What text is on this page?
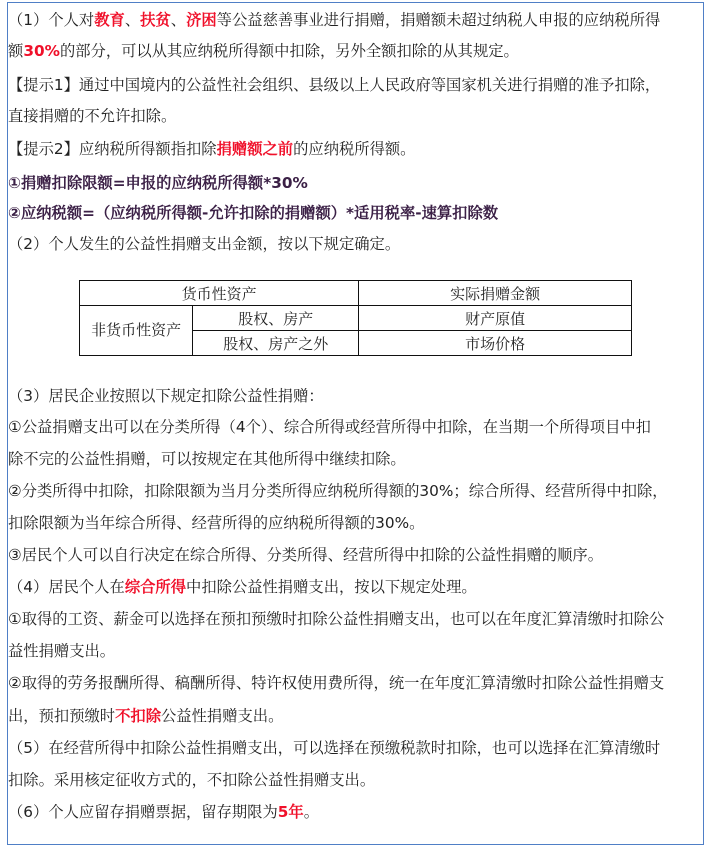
（1）个人对教育、扶贫、济困等公益慈善事业进行捐赠，捐赠额未超过纳税人申报的应纳税所得
额30%的部分，可以从其应纳税所得额中扣除，另外全额扣除的从其规定。
【提示1】通过中国境内的公益性社会组织、县级以上人民政府等国家机关进行捐赠的准予扣除，
直接捐赠的不允许扣除。
【提示2】应纳税所得额指扣除捐赠额之前的应纳税所得额。
①捐赠扣除限额=申报的应纳税所得额*30%
②应纳税额=（应纳税所得额-允许扣除的捐赠额）*适用税率-速算扣除数
（2）个人发生的公益性捐赠支出金额，按以下规定确定。
（3）居民企业按照以下规定扣除公益性捐赠：
①公益捐赠支出可以在分类所得（4个）、综合所得或经营所得中扣除，在当期一个所得项目中扣
除不完的公益性捐赠，可以按规定在其他所得中继续扣除。
②分类所得中扣除，扣除限额为当月分类所得应纳税所得额的30%；综合所得、经营所得中扣除，
扣除限额为当年综合所得、经营所得的应纳税所得额的30%。
③居民个人可以自行决定在综合所得、分类所得、经营所得中扣除的公益性捐赠的顺序。
（4）居民个人在综合所得中扣除公益性捐赠支出，按以下规定处理。
①取得的工资、薪金可以选择在预扣预缴时扣除公益性捐赠支出，也可以在年度汇算清缴时扣除公
益性捐赠支出。
②取得的劳务报酬所得、稿酬所得、特许权使用费所得，统一在年度汇算清缴时扣除公益性捐赠支
出，预扣预缴时不扣除公益性捐赠支出。
（5）在经营所得中扣除公益性捐赠支出，可以选择在预缴税款时扣除，也可以选择在汇算清缴时
扣除。采用核定征收方式的，不扣除公益性捐赠支出。
（6）个人应留存捐赠票据，留存期限为5年。
货币性资产		实际捐赠金额
非货币性资产	股权、房产	财产原值
	股权、房产之外	市场价格
